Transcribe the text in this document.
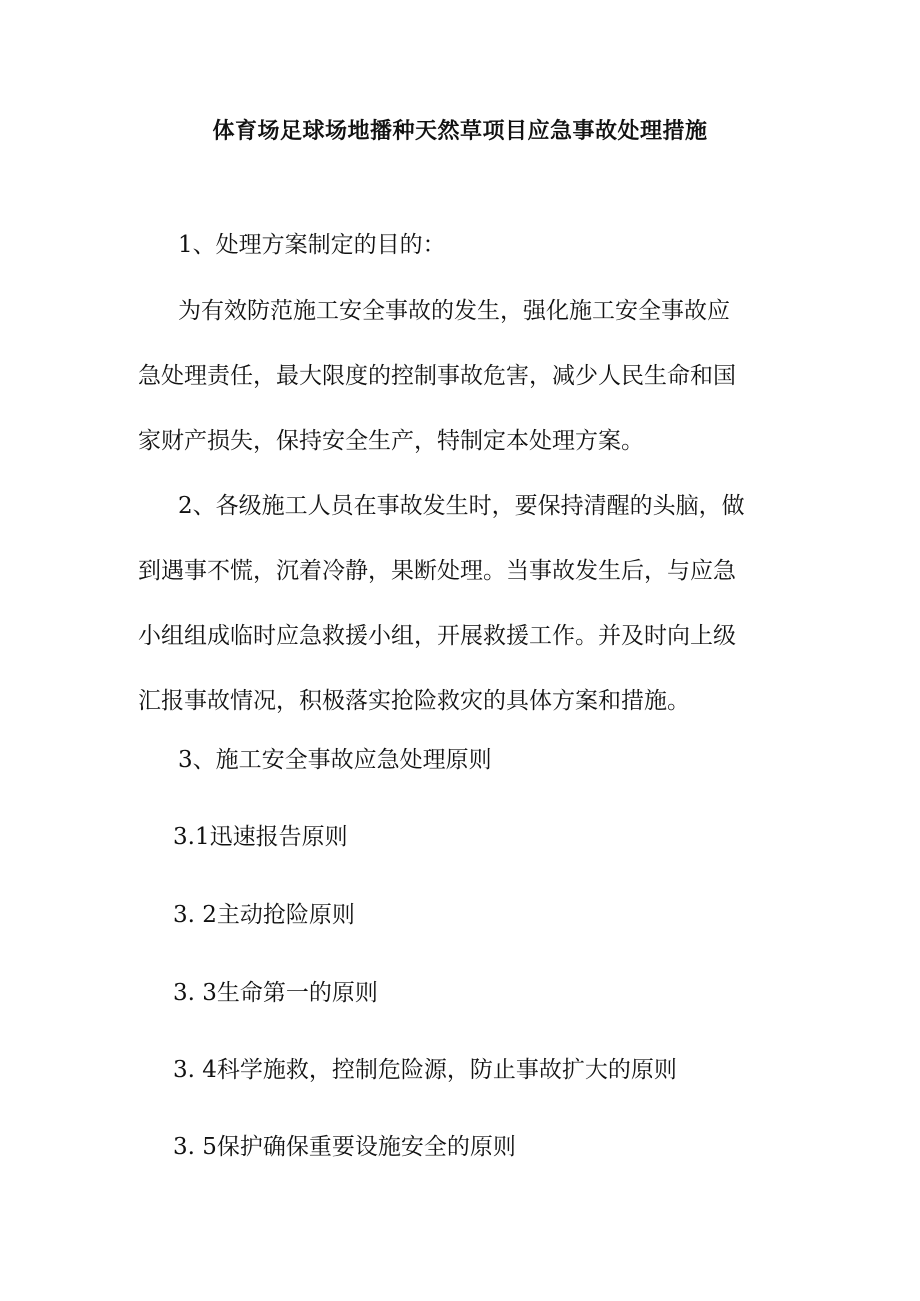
体育场足球场地播种天然草项目应急事故处理措施
1、处理方案制定的目的：
为有效防范施工安全事故的发生，强化施工安全事故应
急处理责任，最大限度的控制事故危害，减少人民生命和国
家财产损失，保持安全生产，特制定本处理方案。
2、各级施工人员在事故发生时，要保持清醒的头脑，做
到遇事不慌，沉着冷静，果断处理。当事故发生后，与应急
小组组成临时应急救援小组，开展救援工作。并及时向上级
汇报事故情况，积极落实抢险救灾的具体方案和措施。
3、施工安全事故应急处理原则
3.1迅速报告原则
3. 2主动抢险原则
3. 3生命第一的原则
3. 4科学施救，控制危险源，防止事故扩大的原则
3. 5保护确保重要设施安全的原则
